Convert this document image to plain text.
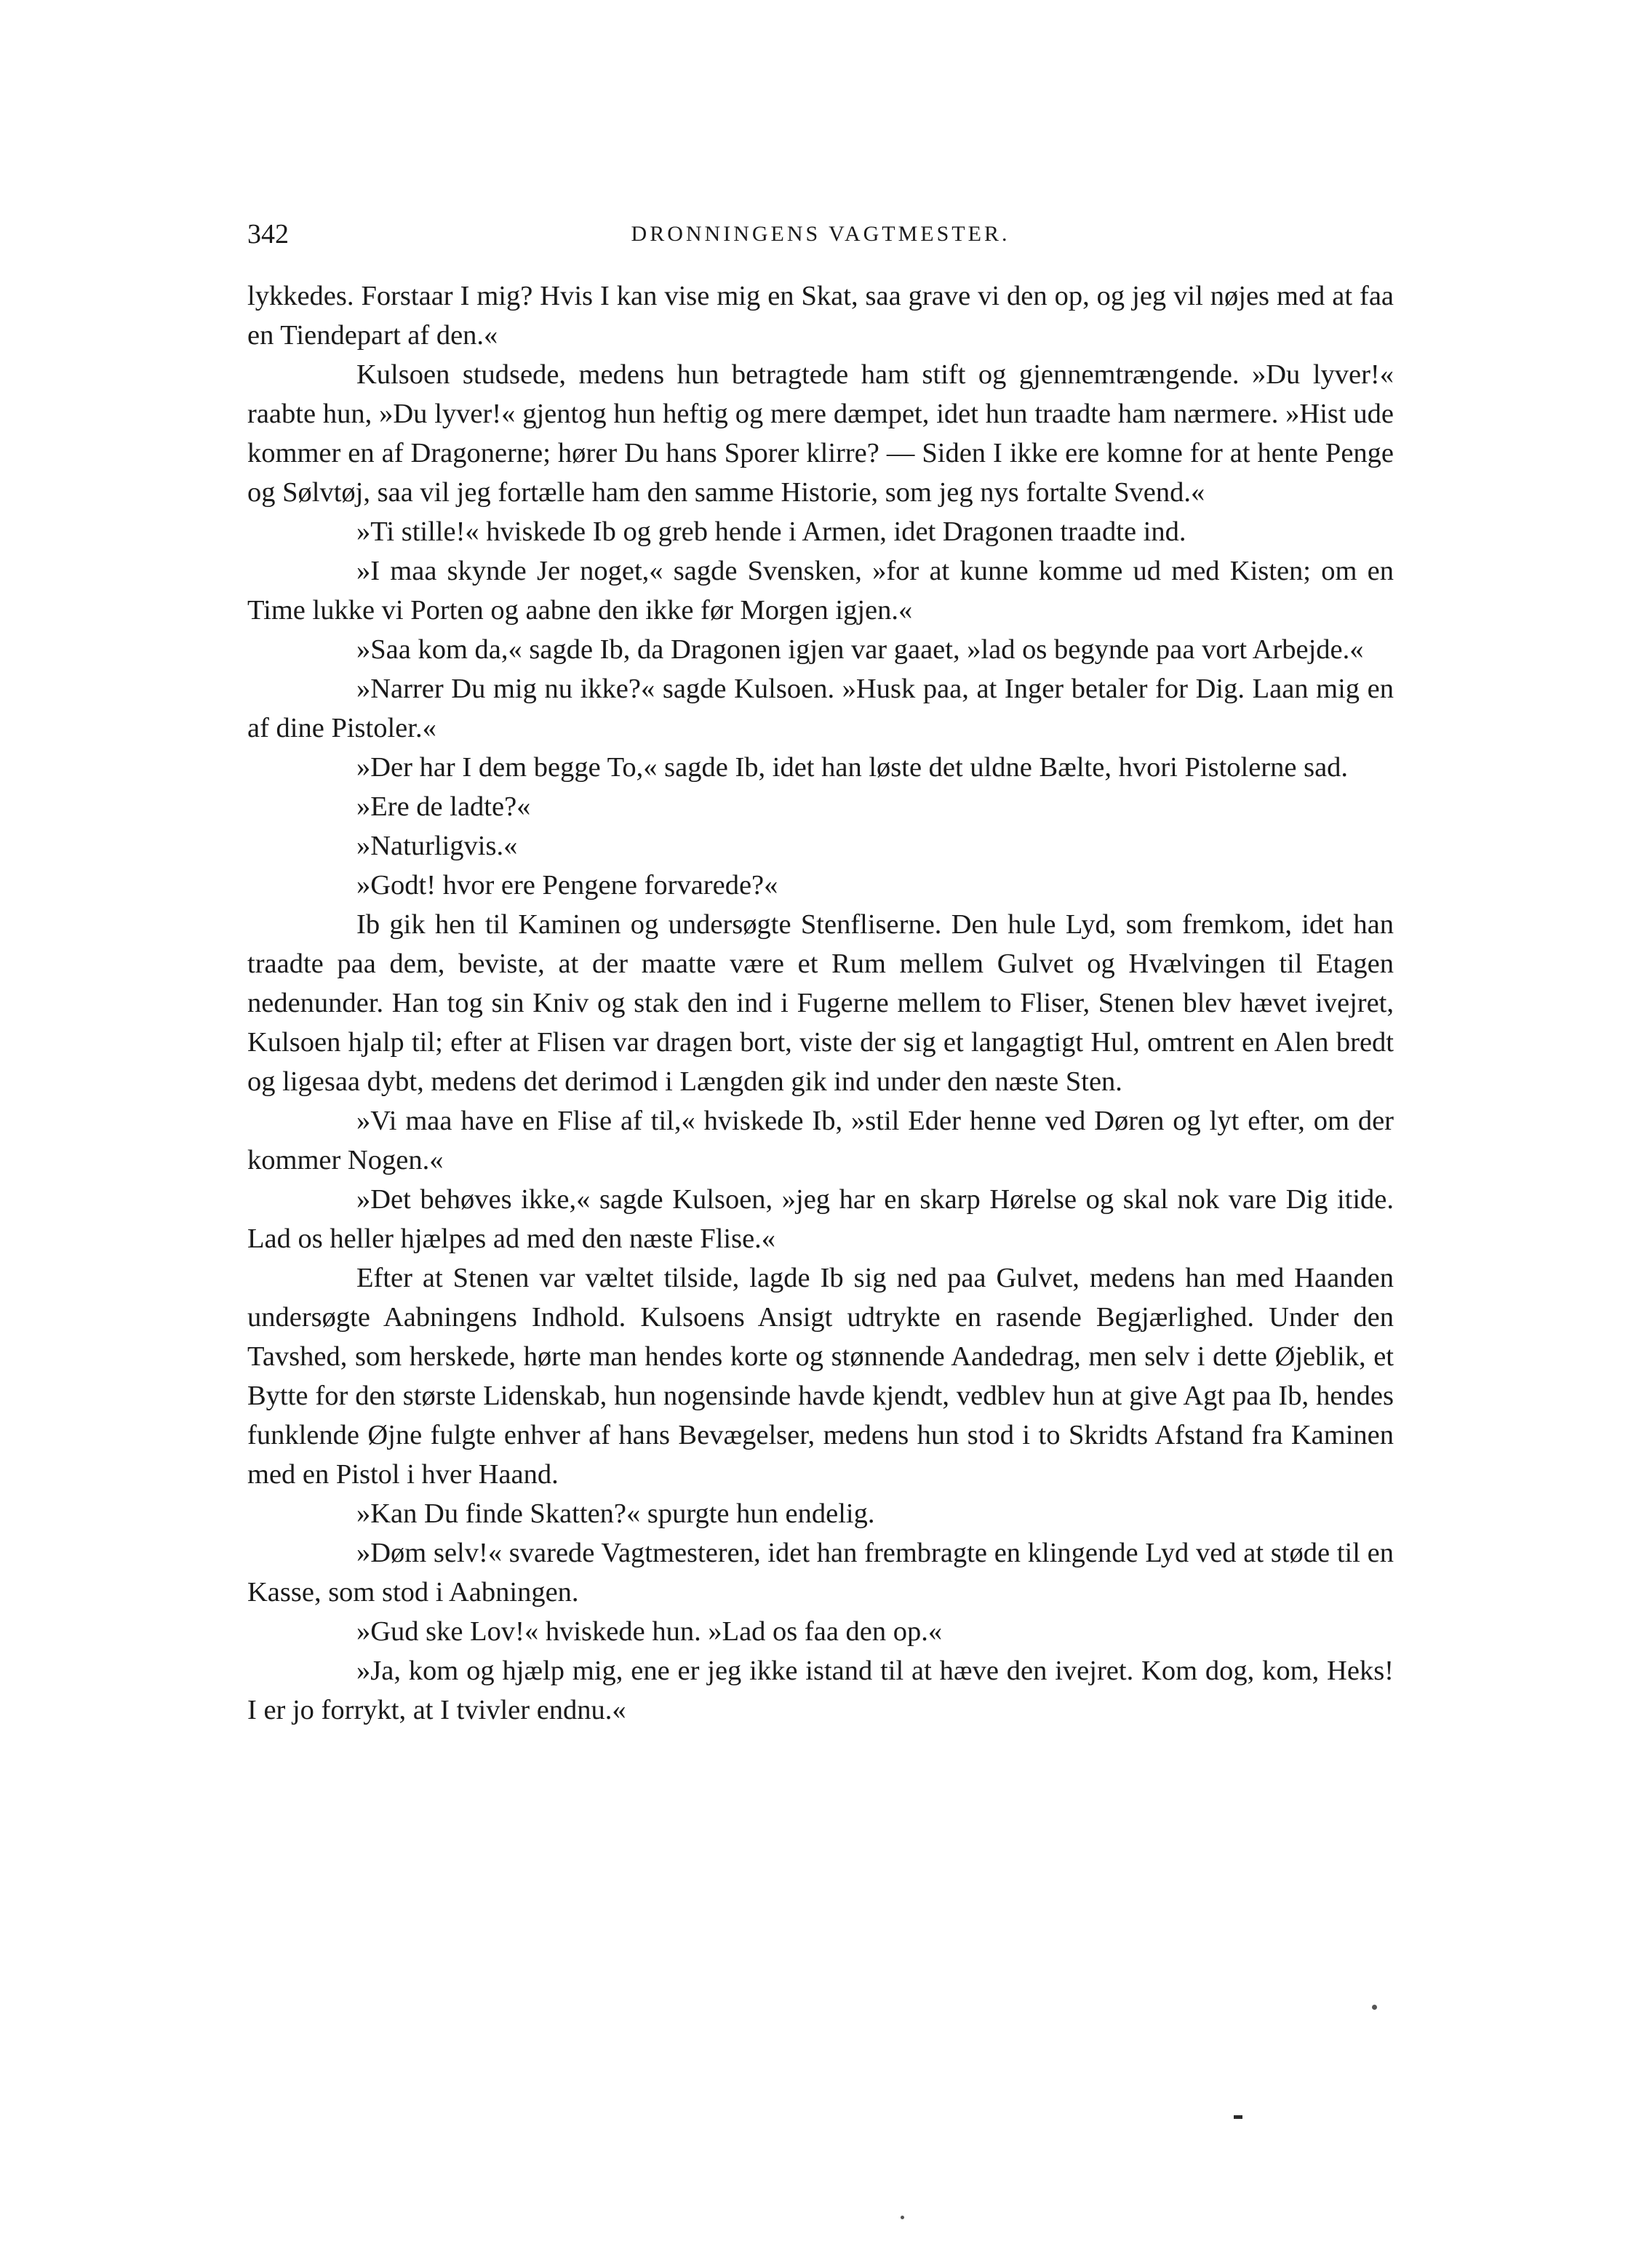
342	DRONNINGENS VAGTMESTER.

lykkedes. Forstaar I mig? Hvis I kan vise mig en Skat, saa grave vi den op, og jeg vil nøjes med at faa en Tiendepart af den.«

Kulsoen studsede, medens hun betragtede ham stift og gjennemtrængende. »Du lyver!« raabte hun, »Du lyver!« gjentog hun heftig og mere dæmpet, idet hun traadte ham nærmere. »Hist ude kommer en af Dragonerne; hører Du hans Sporer klirre? — Siden I ikke ere komne for at hente Penge og Sølvtøj, saa vil jeg fortælle ham den samme Historie, som jeg nys fortalte Svend.«

»Ti stille!« hviskede Ib og greb hende i Armen, idet Dragonen traadte ind.

»I maa skynde Jer noget,« sagde Svensken, »for at kunne komme ud med Kisten; om en Time lukke vi Porten og aabne den ikke før Morgen igjen.«

»Saa kom da,« sagde Ib, da Dragonen igjen var gaaet, »lad os begynde paa vort Arbejde.«

»Narrer Du mig nu ikke?« sagde Kulsoen. »Husk paa, at Inger betaler for Dig. Laan mig en af dine Pistoler.«

»Der har I dem begge To,« sagde Ib, idet han løste det uldne Bælte, hvori Pistolerne sad.

»Ere de ladte?«

»Naturligvis.«

»Godt! hvor ere Pengene forvarede?«

Ib gik hen til Kaminen og undersøgte Stenfliserne. Den hule Lyd, som fremkom, idet han traadte paa dem, beviste, at der maatte være et Rum mellem Gulvet og Hvælvingen til Etagen nedenunder. Han tog sin Kniv og stak den ind i Fugerne mellem to Fliser, Stenen blev hævet ivejret, Kulsoen hjalp til; efter at Flisen var dragen bort, viste der sig et langagtigt Hul, omtrent en Alen bredt og ligesaa dybt, medens det derimod i Længden gik ind under den næste Sten.

»Vi maa have en Flise af til,« hviskede Ib, »stil Eder henne ved Døren og lyt efter, om der kommer Nogen.«

»Det behøves ikke,« sagde Kulsoen, »jeg har en skarp Hørelse og skal nok vare Dig itide. Lad os heller hjælpes ad med den næste Flise.«

Efter at Stenen var væltet tilside, lagde Ib sig ned paa Gulvet, medens han med Haanden undersøgte Aabningens Indhold. Kulsoens Ansigt udtrykte en rasende Begjærlighed. Under den Tavshed, som herskede, hørte man hendes korte og stønnende Aandedrag, men selv i dette Øjeblik, et Bytte for den største Lidenskab, hun nogensinde havde kjendt, vedblev hun at give Agt paa Ib, hendes funklende Øjne fulgte enhver af hans Bevægelser, medens hun stod i to Skridts Afstand fra Kaminen med en Pistol i hver Haand.

»Kan Du finde Skatten?« spurgte hun endelig.

»Døm selv!« svarede Vagtmesteren, idet han frembragte en klingende Lyd ved at støde til en Kasse, som stod i Aabningen.

»Gud ske Lov!« hviskede hun. »Lad os faa den op.«

»Ja, kom og hjælp mig, ene er jeg ikke istand til at hæve den ivejret. Kom dog, kom, Heks! I er jo forrykt, at I tvivler endnu.«
